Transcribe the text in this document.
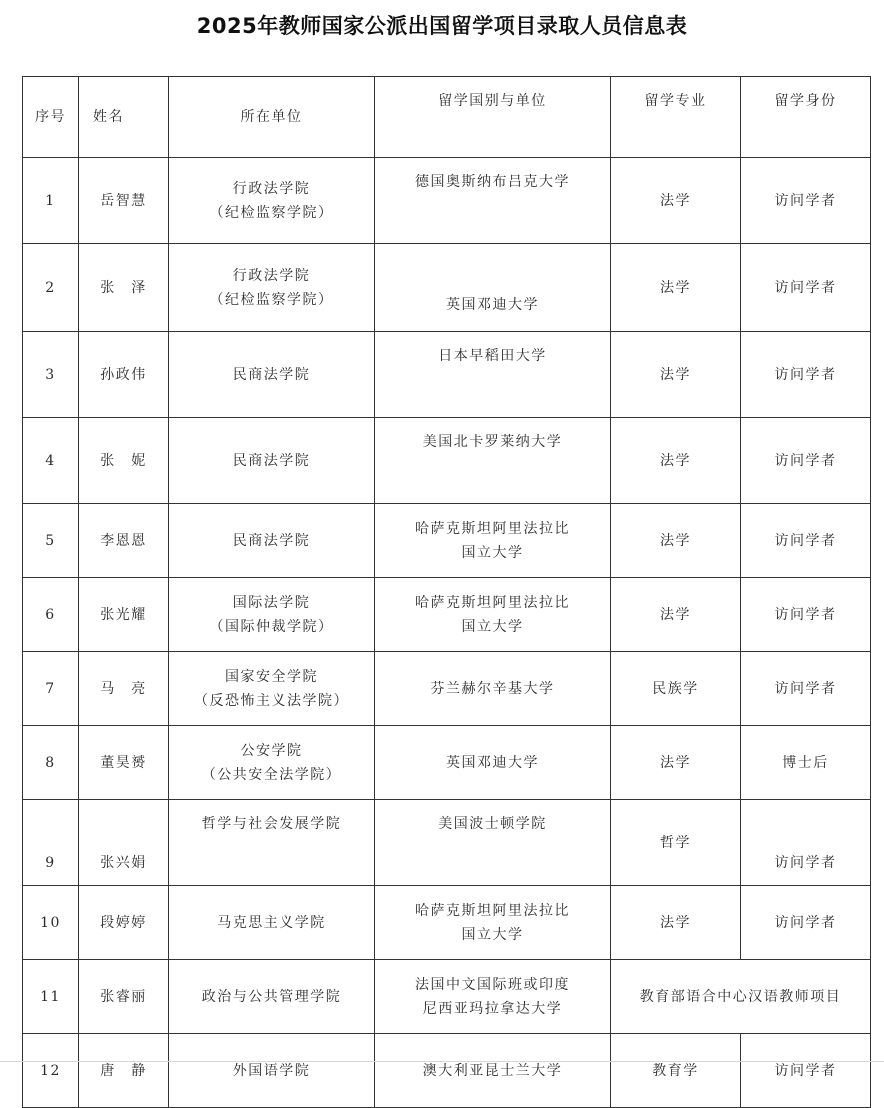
2025年教师国家公派出国留学项目录取人员信息表
序号	姓名	所在单位	留学国别与单位	留学专业	留学身份
1	岳智慧	行政法学院
（纪检监察学院）	德国奥斯纳布吕克大学	法学	访问学者
2	张　泽	行政法学院
（纪检监察学院）	英国邓迪大学	法学	访问学者
3	孙政伟	民商法学院	日本早稻田大学	法学	访问学者
4	张　妮	民商法学院	美国北卡罗莱纳大学	法学	访问学者
5	李恩恩	民商法学院	哈萨克斯坦阿里法拉比
国立大学	法学	访问学者
6	张光耀	国际法学院
（国际仲裁学院）	哈萨克斯坦阿里法拉比
国立大学	法学	访问学者
7	马　亮	国家安全学院
（反恐怖主义法学院）	芬兰赫尔辛基大学	民族学	访问学者
8	董昊赟	公安学院
（公共安全法学院）	英国邓迪大学	法学	博士后
9	张兴娟	哲学与社会发展学院	美国波士顿学院	哲学	访问学者
10	段婷婷	马克思主义学院	哈萨克斯坦阿里法拉比
国立大学	法学	访问学者
11	张睿丽	政治与公共管理学院	法国中文国际班或印度
尼西亚玛拉拿达大学	教育部语合中心汉语教师项目	
12	唐　静	外国语学院	澳大利亚昆士兰大学	教育学	访问学者
